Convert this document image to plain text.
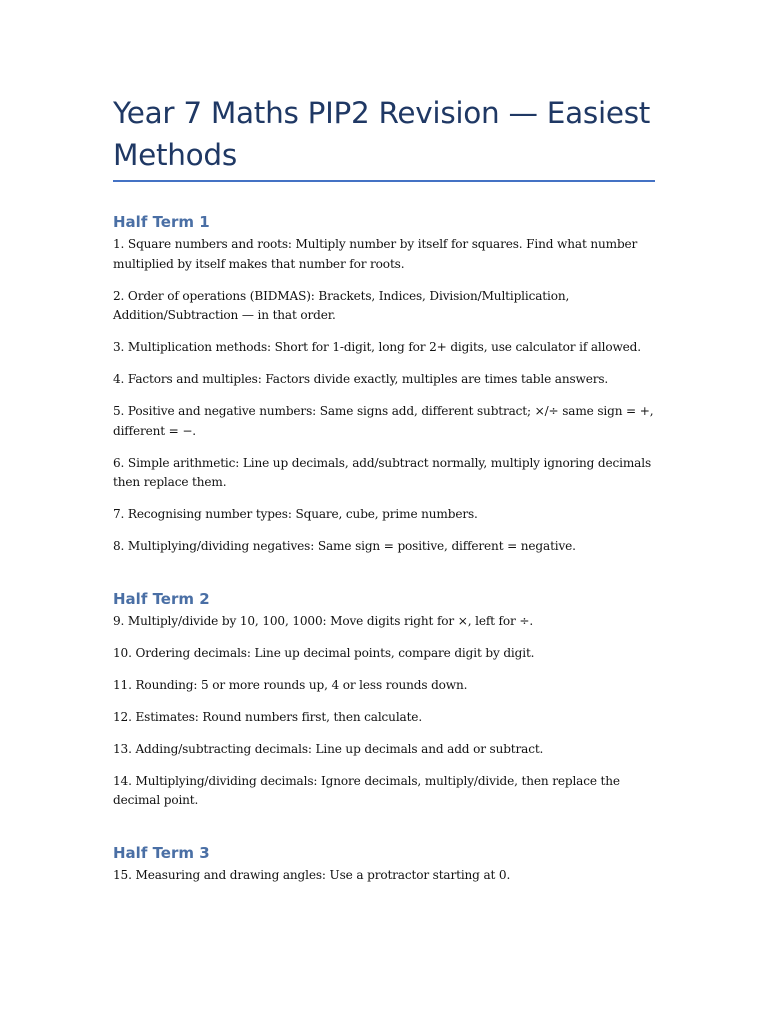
Year 7 Maths PIP2 Revision — Easiest Methods
Half Term 1

1. Square numbers and roots: Multiply number by itself for squares. Find what number multiplied by itself makes that number for roots.

2. Order of operations (BIDMAS): Brackets, Indices, Division/Multiplication, Addition/Subtraction — in that order.

3. Multiplication methods: Short for 1-digit, long for 2+ digits, use calculator if allowed.

4. Factors and multiples: Factors divide exactly, multiples are times table answers.

5. Positive and negative numbers: Same signs add, different subtract; ×/÷ same sign = +, different = −.

6. Simple arithmetic: Line up decimals, add/subtract normally, multiply ignoring decimals then replace them.

7. Recognising number types: Square, cube, prime numbers.

8. Multiplying/dividing negatives: Same sign = positive, different = negative.

Half Term 2

9. Multiply/divide by 10, 100, 1000: Move digits right for ×, left for ÷.

10. Ordering decimals: Line up decimal points, compare digit by digit.

11. Rounding: 5 or more rounds up, 4 or less rounds down.

12. Estimates: Round numbers first, then calculate.

13. Adding/subtracting decimals: Line up decimals and add or subtract.

14. Multiplying/dividing decimals: Ignore decimals, multiply/divide, then replace the decimal point.

Half Term 3

15. Measuring and drawing angles: Use a protractor starting at 0.
